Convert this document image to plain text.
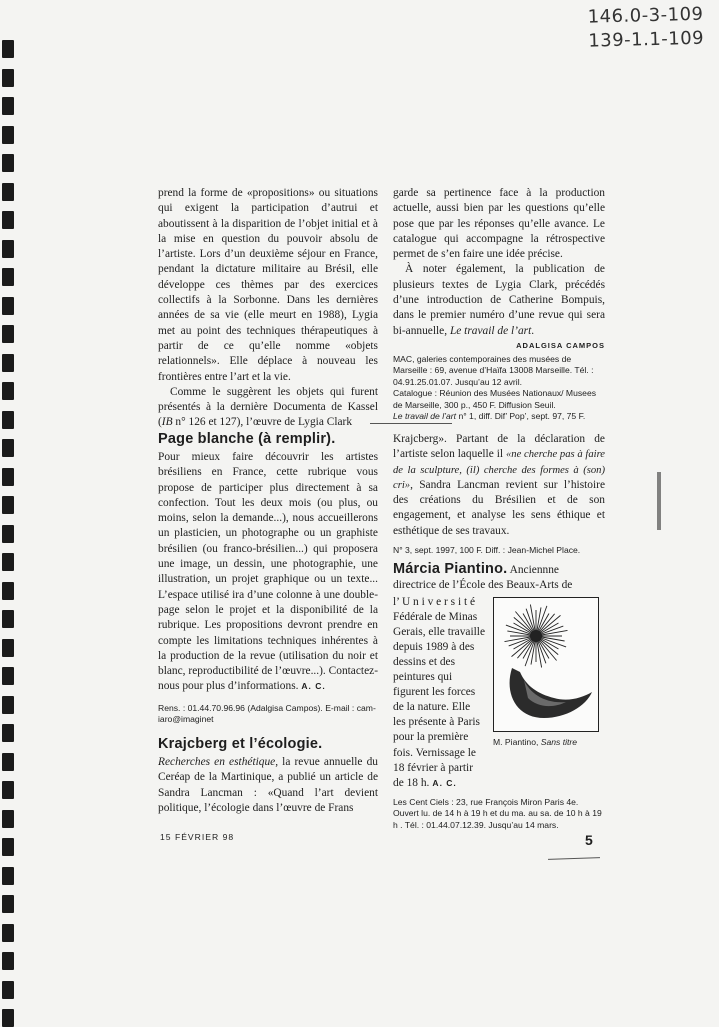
146.0-3-109
139-1.1-109

prend la forme de «propositions» ou situations qui exigent la participation d’autrui et aboutissent à la disparition de l’objet initial et à la mise en question du pouvoir absolu de l’artiste. Lors d’un deuxième séjour en France, pendant la dictature militaire au Brésil, elle développe ces thèmes par des exercices collectifs à la Sorbonne. Dans les dernières années de sa vie (elle meurt en 1988), Lygia met au point des techniques thérapeutiques à partir de ce qu’elle nomme «objets relationnels». Elle déplace à nouveau les frontières entre l’art et la vie.

Comme le suggèrent les objets qui furent présentés à la dernière Documenta de Kassel (IB n° 126 et 127), l’œuvre de Lygia Clark

garde sa pertinence face à la production actuelle, aussi bien par les questions qu’elle pose que par les réponses qu’elle avance. Le catalogue qui accompagne la rétrospective permet de s’en faire une idée précise.

À noter également, la publication de plusieurs textes de Lygia Clark, précédés d’une introduction de Catherine Bompuis, dans le premier numéro d’une revue qui sera bi-annuelle, Le travail de l’art.

ADALGISA CAMPOS

MAC, galeries contemporaines des musées de Marseille : 69, avenue d’Haïfa 13008 Marseille. Tél. : 04.91.25.01.07. Jusqu’au 12 avril.

Catalogue : Réunion des Musées Nationaux/ Musees de Marseille, 300 p., 450 F. Diffusion Seuil.

Le travail de l’art n° 1, diff. Dif’ Pop’, sept. 97, 75 F.

Page blanche (à remplir).

Pour mieux faire découvrir les artistes brésiliens en France, cette rubrique vous propose de participer plus directement à sa confection. Tout les deux mois (ou plus, ou moins, selon la demande...), nous accueillerons un plasticien, un photographe ou un graphiste brésilien (ou franco-brésilien...) qui proposera une image, un dessin, une photographie, une illustration, un projet graphique ou un texte... L’espace utilisé ira d’une colonne à une double-page selon le projet et la disponibilité de la rubrique. Les propositions devront prendre en compte les limitations techniques inhérentes à la production de la revue (utilisation du noir et blanc, reproductibilité de l’œuvre...). Contactez-nous pour plus d’informations. A. C.

Rens. : 01.44.70.96.96 (Adalgisa Campos). E-mail : cam-iaro@imaginet

Krajcberg et l’écologie.

Recherches en esthétique, la revue annuelle du Ceréap de la Martinique, a publié un article de Sandra Lancman : «Quand l’art devient politique, l’écologie dans l’œuvre de Frans

Krajcberg». Partant de la déclaration de l’artiste selon laquelle il «ne cherche pas à faire de la sculpture, (il) cherche des formes à (son) cri», Sandra Lancman revient sur l’histoire des créations du Brésilien et de son engagement, et analyse les sens éthique et esthétique de ses travaux.

N° 3, sept. 1997, 100 F. Diff. : Jean-Michel Place.

Márcia Piantino. Anciennne

directrice de l’École des Beaux-Arts de

l’ U n i v e r s i t é
Fédérale de Minas
Gerais, elle travaille
depuis 1989 à des
dessins et des
peintures qui
figurent les forces
de la nature. Elle
les présente à Paris
pour la première
fois. Vernissage le
18 février à partir
de 18 h. A. C.

Les Cent Ciels : 23, rue François Miron Paris 4e. Ouvert lu. de 14 h à 19 h et du ma. au sa. de 10 h à 19 h . Tél. : 01.44.07.12.39. Jusqu’au 14 mars.

M. Piantino, Sans titre
15 FÉVRIER 98	5
